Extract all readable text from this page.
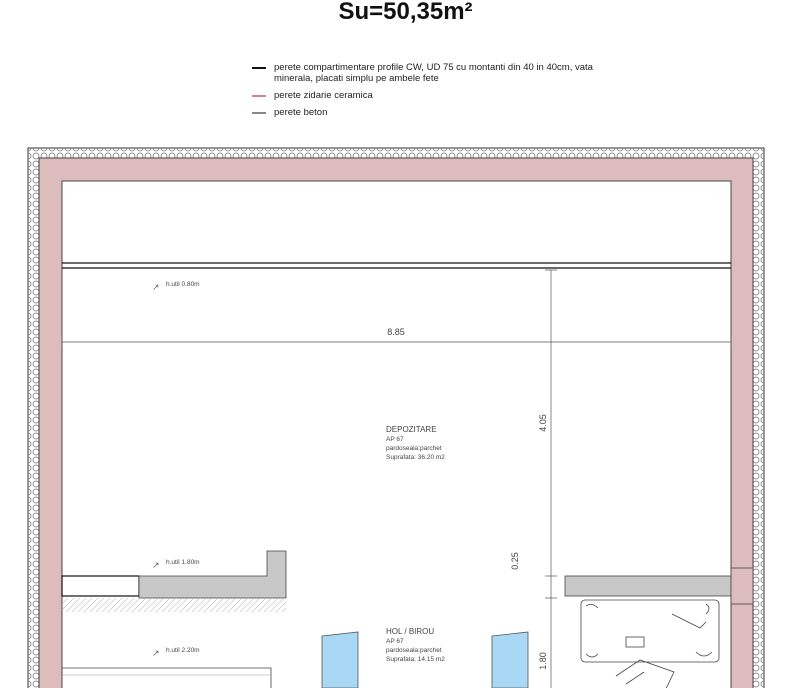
Su=50,35m²
perete compartimentare profile CW, UD 75 cu montanti din 40 in 40cm, vata minerala, placati simplu pe ambele fete
perete zidarie ceramica
perete beton
8.85
4.05
0.25
1.80
↗ h.util 0.80m
↗ h.util 1.80m
↗ h.util 2.20m
DEPOZITARE
AP 67
pardoseala:parchet
Suprafata: 36.20 m2
HOL / BIROU
AP 67
pardoseala:parchet
Suprafata: 14.15 m2
